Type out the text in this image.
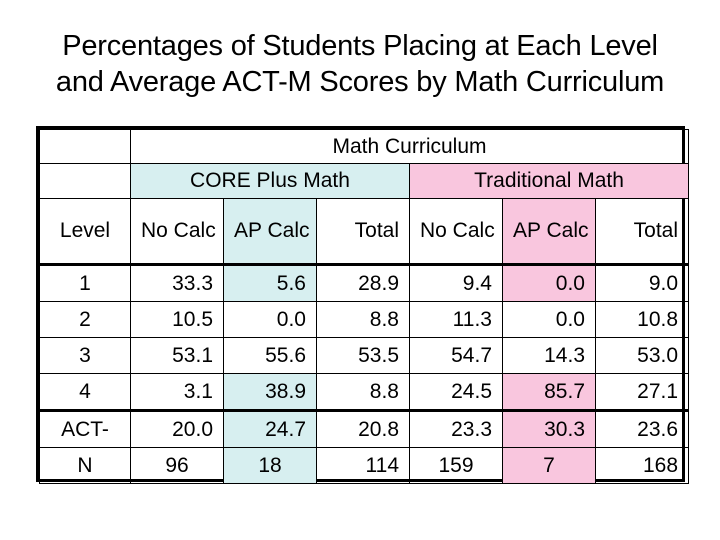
Percentages of Students Placing at Each Level
and Average ACT-M Scores by Math Curriculum
	Math Curriculum					
	CORE Plus Math			Traditional Math		
Level	No Calc	AP Calc	Total	No Calc	AP Calc	Total
1	33.3	5.6	28.9	9.4	0.0	9.0
2	10.5	0.0	8.8	11.3	0.0	10.8
3	53.1	55.6	53.5	54.7	14.3	53.0
4	3.1	38.9	8.8	24.5	85.7	27.1
ACT-	20.0	24.7	20.8	23.3	30.3	23.6
N	96	18	114	159	7	168
